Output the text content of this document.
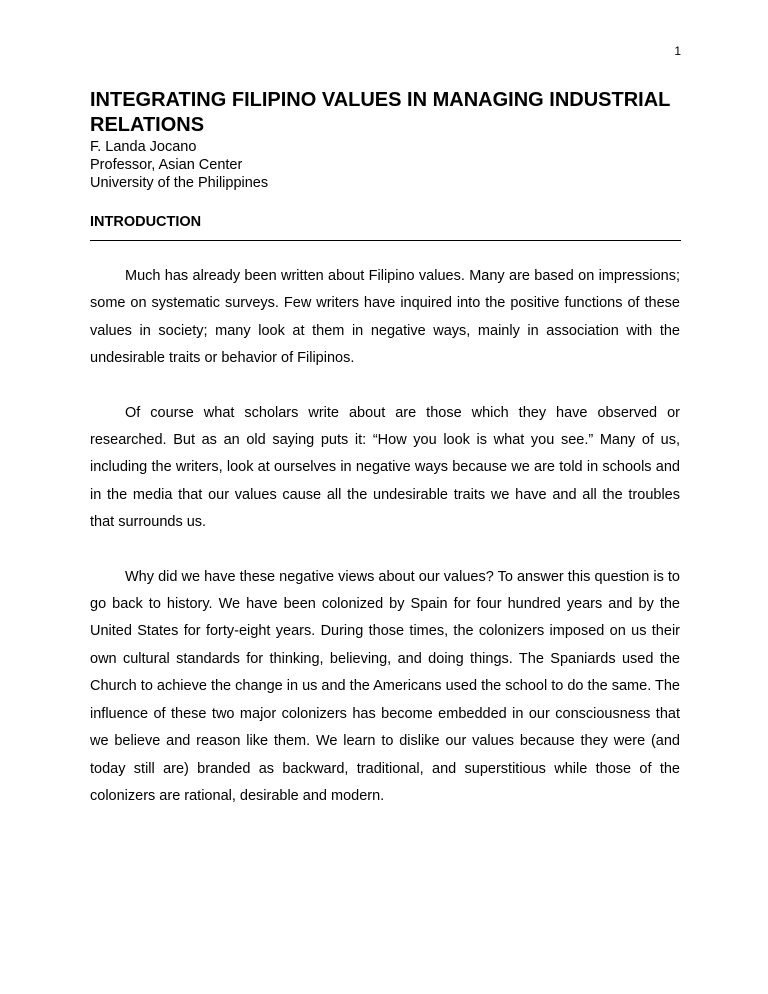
1
INTEGRATING FILIPINO VALUES IN MANAGING INDUSTRIAL RELATIONS

F. Landa Jocano

Professor, Asian Center

University of the Philippines

INTRODUCTION

Much has already been written about Filipino values. Many are based on impressions; some on systematic surveys. Few writers have inquired into the positive functions of these values in society; many look at them in negative ways, mainly in association with the undesirable traits or behavior of Filipinos.

Of course what scholars write about are those which they have observed or researched. But as an old saying puts it: “How you look is what you see.” Many of us, including the writers, look at ourselves in negative ways because we are told in schools and in the media that our values cause all the undesirable traits we have and all the troubles that surrounds us.

Why did we have these negative views about our values? To answer this question is to go back to history. We have been colonized by Spain for four hundred years and by the United States for forty-eight years. During those times, the colonizers imposed on us their own cultural standards for thinking, believing, and doing things. The Spaniards used the Church to achieve the change in us and the Americans used the school to do the same. The influence of these two major colonizers has become embedded in our consciousness that we believe and reason like them. We learn to dislike our values because they were (and today still are) branded as backward, traditional, and superstitious while those of the colonizers are rational, desirable and modern.
